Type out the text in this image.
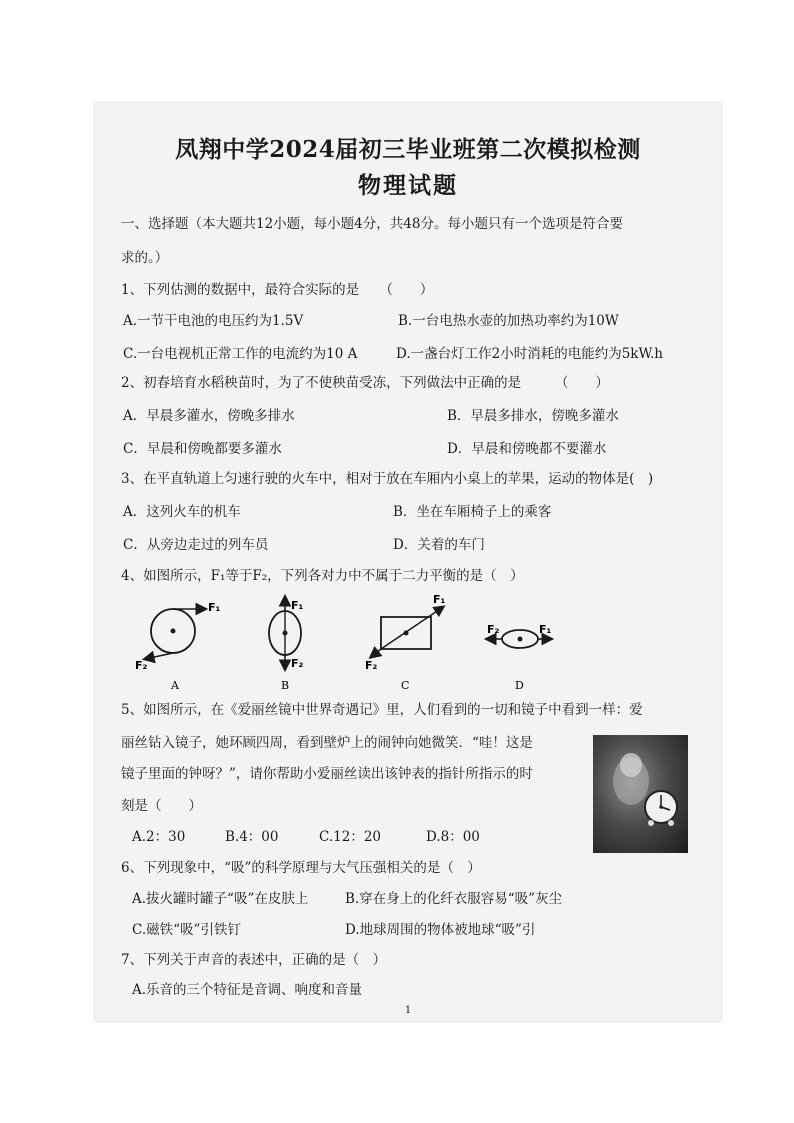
凤翔中学2024届初三毕业班第二次模拟检测
物理试题
一、选择题（本大题共12小题，每小题4分，共48分。每小题只有一个选项是符合要
求的。）
1、下列估测的数据中，最符合实际的是　　（　　）
A.一节干电池的电压约为1.5V	B.一台电热水壶的加热功率约为10W
C.一台电视机正常工作的电流约为10 A	D.一盏台灯工作2小时消耗的电能约为5kW.h
2、初春培育水稻秧苗时，为了不使秧苗受冻，下列做法中正确的是　　　（　　）
A．早晨多灌水，傍晚多排水	B．早晨多排水，傍晚多灌水
C．早晨和傍晚都要多灌水	D．早晨和傍晚都不要灌水
3、在平直轨道上匀速行驶的火车中，相对于放在车厢内小桌上的苹果，运动的物体是(　)
A．这列火车的机车	B．坐在车厢椅子上的乘客
C．从旁边走过的列车员	D．关着的车门
4、如图所示，F₁等于F₂，下列各对力中不属于二力平衡的是（　）
F₁
F₂
A
F₁
F₂
B
F₁
F₂
C
F₂	F₁
D
5、如图所示，在《爱丽丝镜中世界奇遇记》里，人们看到的一切和镜子中看到一样：爱
丽丝钻入镜子，她环顾四周，看到壁炉上的闹钟向她微笑．“哇！这是
镜子里面的钟呀？”，请你帮助小爱丽丝读出该钟表的指针所指示的时
刻是（　　）
A.2：30	B.4：00	C.12：20	D.8：00
6、下列现象中，“吸”的科学原理与大气压强相关的是（　）
A.拔火罐时罐子“吸”在皮肤上	B.穿在身上的化纤衣服容易“吸”灰尘
C.磁铁“吸”引铁钉	D.地球周围的物体被地球“吸”引
7、下列关于声音的表述中，正确的是（　）
A.乐音的三个特征是音调、响度和音量
1
